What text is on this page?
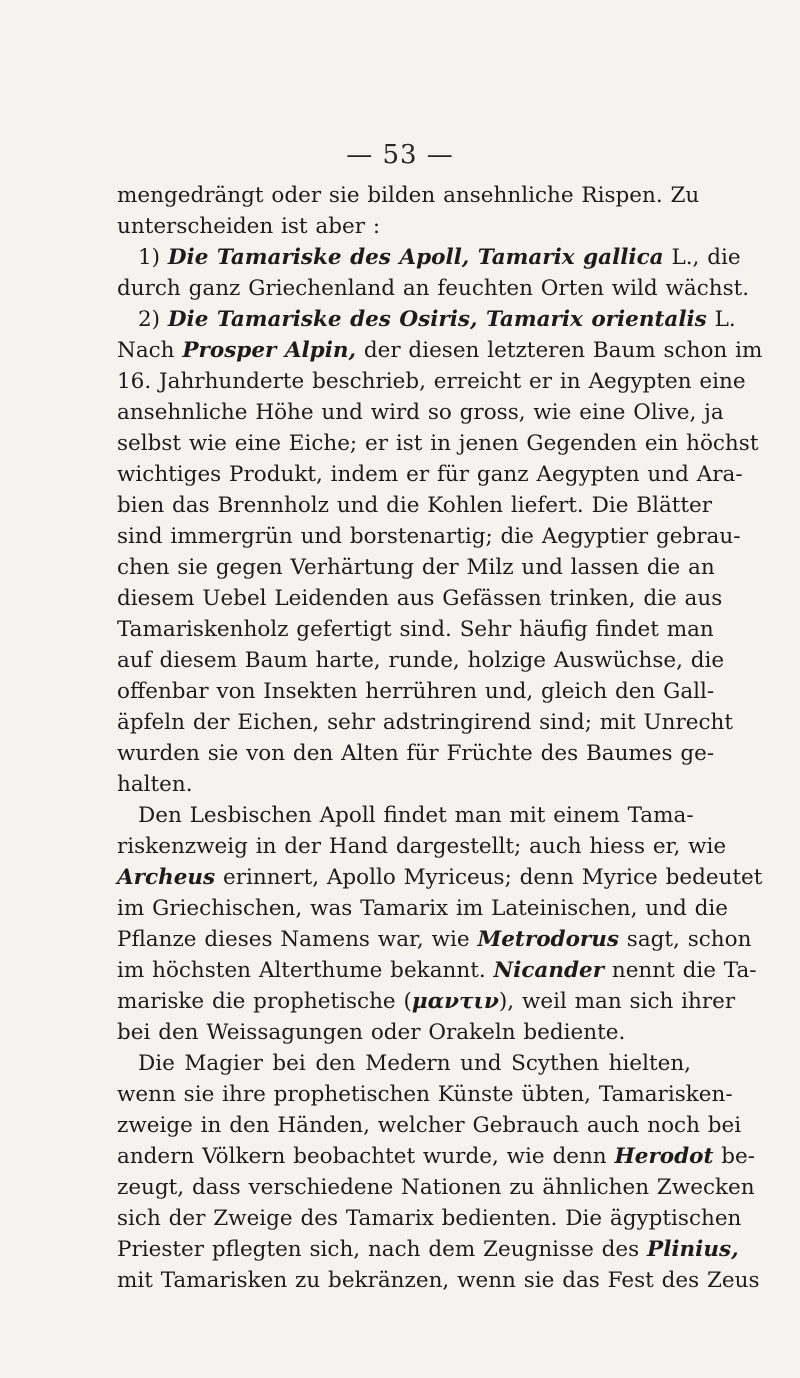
— 53 —
mengedrängt oder sie bilden ansehnliche Rispen. Zu
unterscheiden ist aber :
1) Die Tamariske des Apoll, Tamarix gallica L., die
durch ganz Griechenland an feuchten Orten wild wächst.
2) Die Tamariske des Osiris, Tamarix orientalis L.
Nach Prosper Alpin, der diesen letzteren Baum schon im
16. Jahrhunderte beschrieb, erreicht er in Aegypten eine
ansehnliche Höhe und wird so gross, wie eine Olive, ja
selbst wie eine Eiche; er ist in jenen Gegenden ein höchst
wichtiges Produkt, indem er für ganz Aegypten und Ara-
bien das Brennholz und die Kohlen liefert. Die Blätter
sind immergrün und borstenartig; die Aegyptier gebrau-
chen sie gegen Verhärtung der Milz und lassen die an
diesem Uebel Leidenden aus Gefässen trinken, die aus
Tamariskenholz gefertigt sind. Sehr häufig findet man
auf diesem Baum harte, runde, holzige Auswüchse, die
offenbar von Insekten herrühren und, gleich den Gall-
äpfeln der Eichen, sehr adstringirend sind; mit Unrecht
wurden sie von den Alten für Früchte des Baumes ge-
halten.
Den Lesbischen Apoll findet man mit einem Tama-
riskenzweig in der Hand dargestellt; auch hiess er, wie
Archeus erinnert, Apollo Myriceus; denn Myrice bedeutet
im Griechischen, was Tamarix im Lateinischen, und die
Pflanze dieses Namens war, wie Metrodorus sagt, schon
im höchsten Alterthume bekannt. Nicander nennt die Ta-
mariske die prophetische (μαντιν), weil man sich ihrer
bei den Weissagungen oder Orakeln bediente.
Die Magier bei den Medern und Scythen hielten,
wenn sie ihre prophetischen Künste übten, Tamarisken-
zweige in den Händen, welcher Gebrauch auch noch bei
andern Völkern beobachtet wurde, wie denn Herodot be-
zeugt, dass verschiedene Nationen zu ähnlichen Zwecken
sich der Zweige des Tamarix bedienten. Die ägyptischen
Priester pflegten sich, nach dem Zeugnisse des Plinius,
mit Tamarisken zu bekränzen, wenn sie das Fest des Zeus
